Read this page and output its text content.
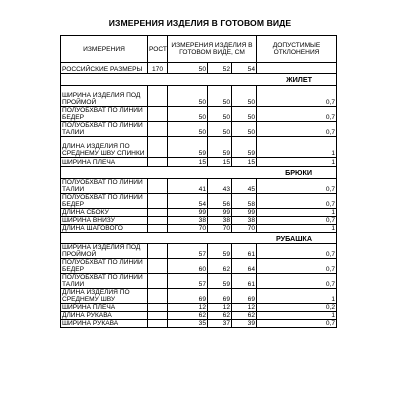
ИЗМЕРЕНИЯ ИЗДЕЛИЯ В ГОТОВОМ ВИДЕ
ИЗМЕРЕНИЯ	РОСТ	ИЗМЕРЕНИЯ ИЗДЕЛИЯ В ГОТОВОМ ВИДЕ, СМ			ДОПУСТИМЫЕ ОТКЛОНЕНИЯ
РОССИЙСКИЕ РАЗМЕРЫ	170	50	52	54	
ЖИЛЕТ					
ШИРИНА ИЗДЕЛИЯ ПОД ПРОЙМОЙ		50	50	50	0,7
ПОЛУОБХВАТ ПО ЛИНИИ БЕДЕР		50	50	50	0,7
ПОЛУОБХВАТ ПО ЛИНИИ ТАЛИИ		50	50	50	0,7
ДЛИНА ИЗДЕЛИЯ ПО СРЕДНЕМУ ШВУ СПИНКИ		59	59	59	1
ШИРИНА ПЛЕЧА		15	15	15	1
БРЮКИ					
ПОЛУОБХВАТ ПО ЛИНИИ ТАЛИИ		41	43	45	0,7
ПОЛУОБХВАТ ПО ЛИНИИ БЕДЕР		54	56	58	0,7
ДЛИНА СБОКУ		99	99	99	1
ШИРИНА ВНИЗУ		38	38	38	0,7
ДЛИНА ШАГОВОГО		70	70	70	1
РУБАШКА					
ШИРИНА ИЗДЕЛИЯ ПОД ПРОЙМОЙ		57	59	61	0,7
ПОЛУОБХВАТ ПО ЛИНИИ БЕДЕР		60	62	64	0,7
ПОЛУОБХВАТ ПО ЛИНИИ ТАЛИИ		57	59	61	0,7
ДЛИНА ИЗДЕЛИЯ ПО СРЕДНЕМУ ШВУ		69	69	69	1
ШИРИНА ПЛЕЧА		12	12	12	0,2
ДЛИНА РУКАВА		62	62	62	1
ШИРИНА РУКАВА		35	37	39	0,7
